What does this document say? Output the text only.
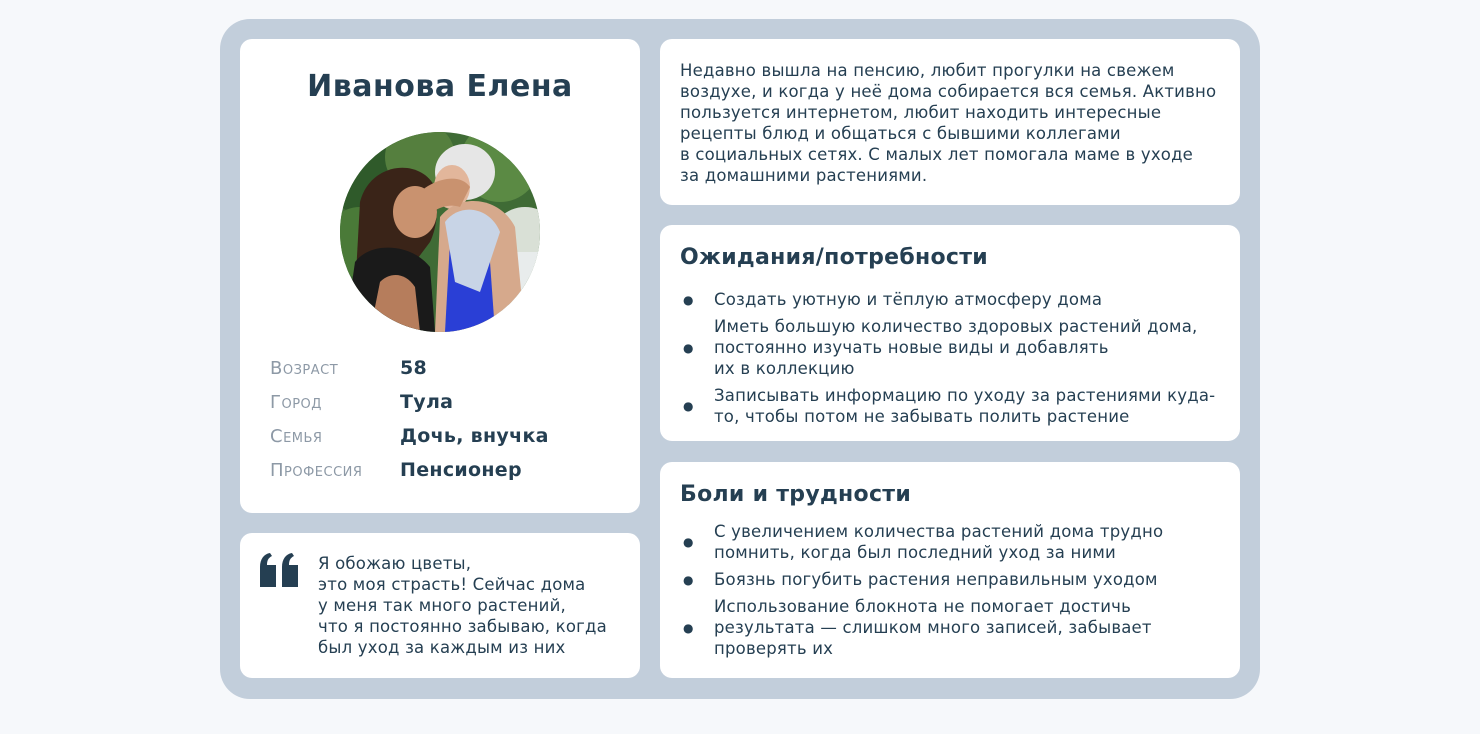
Иванова Елена
Возраст	58
Город	Тула
Семья	Дочь, внучка
Профессия	Пенсионер
Я обожаю цветы,
это моя страсть! Сейчас дома
у меня так много растений,
что я постоянно забываю, когда
был уход за каждым из них
Недавно вышла на пенсию, любит прогулки на свежем
воздухе, и когда у неё дома собирается вся семья. Активно
пользуется интернетом, любит находить интересные
рецепты блюд и общаться с бывшими коллегами
в социальных сетях. С малых лет помогала маме в уходе
за домашними растениями.
Ожидания/потребности
●	Создать уютную и тёплую атмосферу дома
●
Иметь большую количество здоровых растений дома,
постоянно изучать новые виды и добавлять
их в коллекцию
●
Записывать информацию по уходу за растениями куда-
то, чтобы потом не забывать полить растение
Боли и трудности
●
С увеличением количества растений дома трудно
помнить, когда был последний уход за ними
●	Боязнь погубить растения неправильным уходом
●
Использование блокнота не помогает достичь
результата — слишком много записей, забывает
проверять их
